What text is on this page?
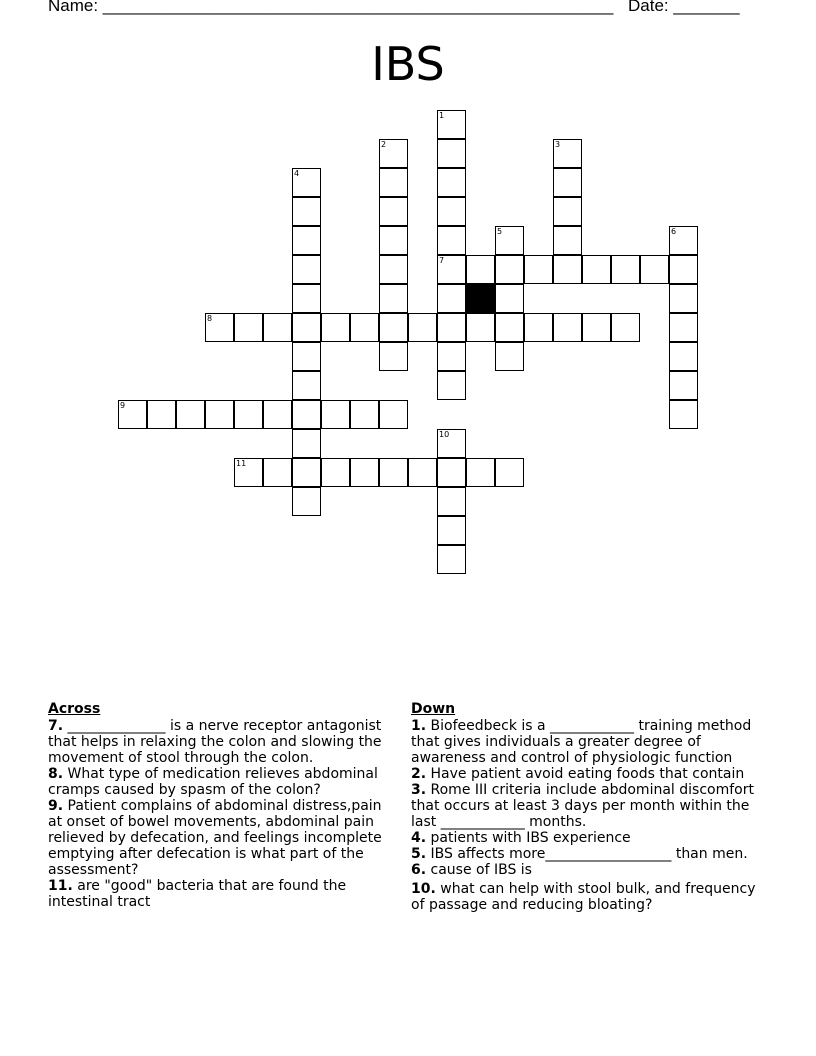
Name: ______________________________________________________ Date: _______
IBS
1
7
2	3
4
5	6
8
9
10
11
Across
7. ______________ is a nerve receptor antagonist that helps in relaxing the colon and slowing the movement of stool through the colon.
8. What type of medication relieves abdominal cramps caused by spasm of the colon?
9. Patient complains of abdominal distress,pain at onset of bowel movements, abdominal pain relieved by defecation, and feelings incomplete emptying after defecation is what part of the assessment?
11. are "good" bacteria that are found the intestinal tract
Down
1. Biofeedbeck is a ____________ training method that gives individuals a greater degree of awareness and control of physiologic function
2. Have patient avoid eating foods that contain
3. Rome III criteria include abdominal discomfort that occurs at least 3 days per month within the last ____________ months.
4. patients with IBS experience
5. IBS affects more__________________ than men.
6. cause of IBS is
10. what can help with stool bulk, and frequency of passage and reducing bloating?
